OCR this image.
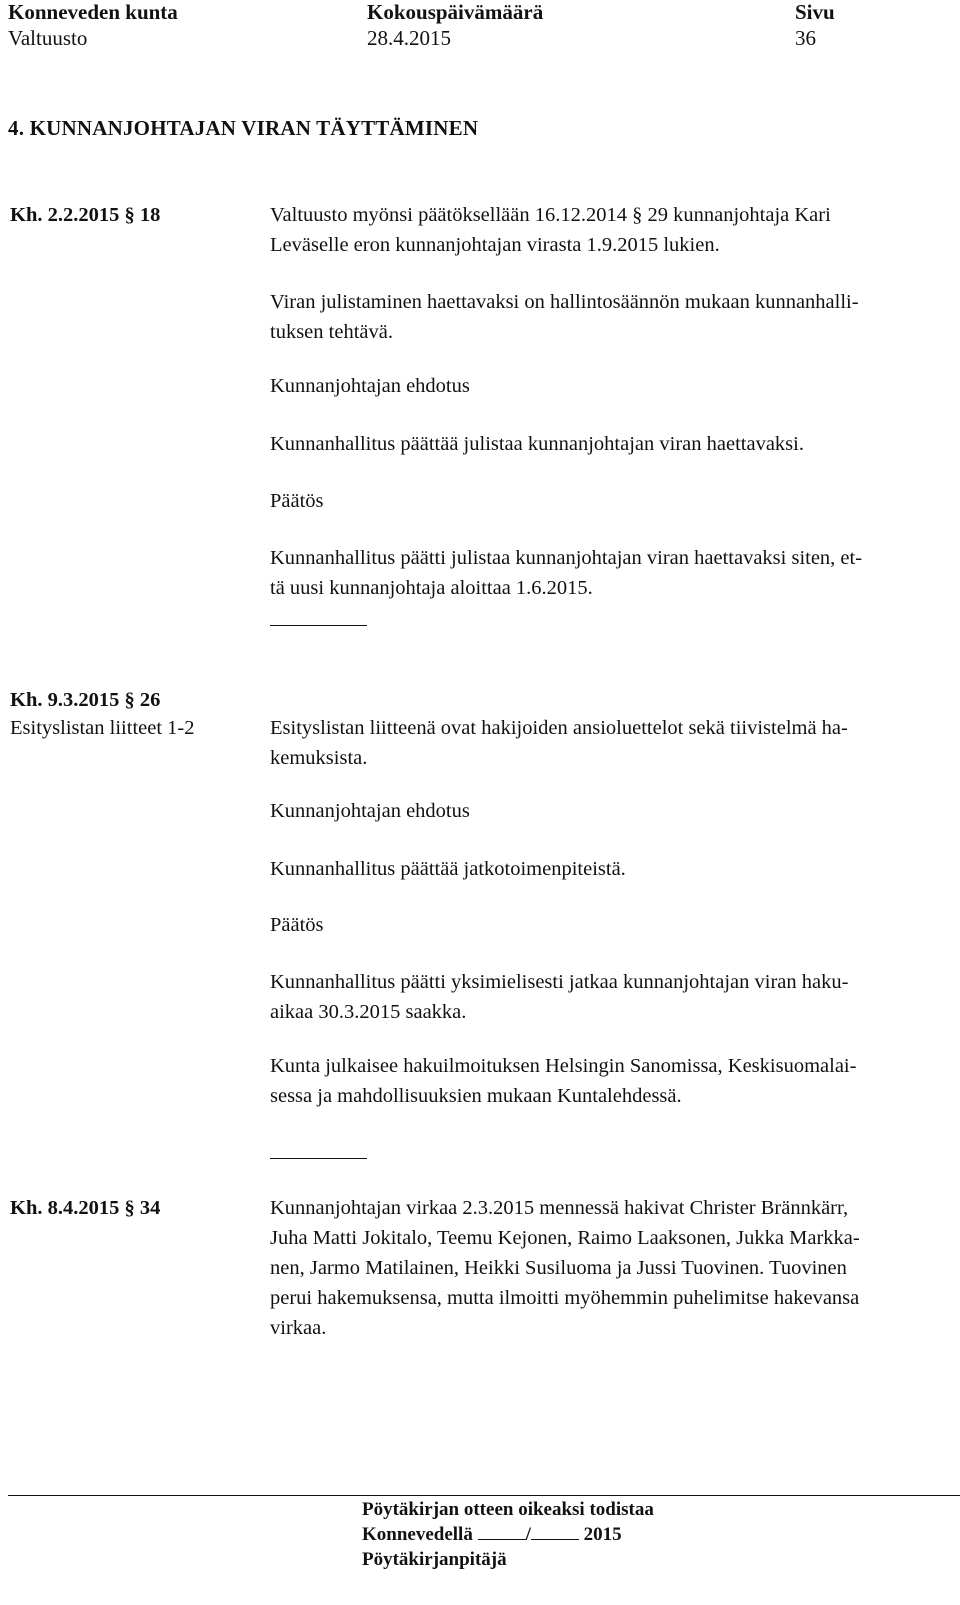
Konneveden kunta
Valtuusto
Kokouspäivämäärä
28.4.2015
Sivu
36
4. KUNNANJOHTAJAN VIRAN TÄYTTÄMINEN
Kh. 2.2.2015 § 18	Valtuusto myönsi päätöksellään 16.12.2014 § 29 kunnanjohtaja Kari
Leväselle eron kunnanjohtajan virasta 1.9.2015 lukien.
Viran julistaminen haettavaksi on hallintosäännön mukaan kunnanhalli-
tuksen tehtävä.
Kunnanjohtajan ehdotus
Kunnanhallitus päättää julistaa kunnanjohtajan viran haettavaksi.
Päätös
Kunnanhallitus päätti julistaa kunnanjohtajan viran haettavaksi siten, et-
tä uusi kunnanjohtaja aloittaa 1.6.2015.
Kh. 9.3.2015 § 26
Esityslistan liitteet 1-2	Esityslistan liitteenä ovat hakijoiden ansioluettelot sekä tiivistelmä ha-
kemuksista.
Kunnanjohtajan ehdotus
Kunnanhallitus päättää jatkotoimenpiteistä.
Päätös
Kunnanhallitus päätti yksimielisesti jatkaa kunnanjohtajan viran haku-
aikaa 30.3.2015 saakka.
Kunta julkaisee hakuilmoituksen Helsingin Sanomissa, Keskisuomalai-
sessa ja mahdollisuuksien mukaan Kuntalehdessä.
Kh. 8.4.2015 § 34	Kunnanjohtajan virkaa 2.3.2015 mennessä hakivat Christer Brännkärr,
Juha Matti Jokitalo, Teemu Kejonen, Raimo Laaksonen, Jukka Markka-
nen, Jarmo Matilainen, Heikki Susiluoma ja Jussi Tuovinen. Tuovinen
perui hakemuksensa, mutta ilmoitti myöhemmin puhelimitse hakevansa
virkaa.
Pöytäkirjan otteen oikeaksi todistaa
Konnevedellä	/	2015
Pöytäkirjanpitäjä
